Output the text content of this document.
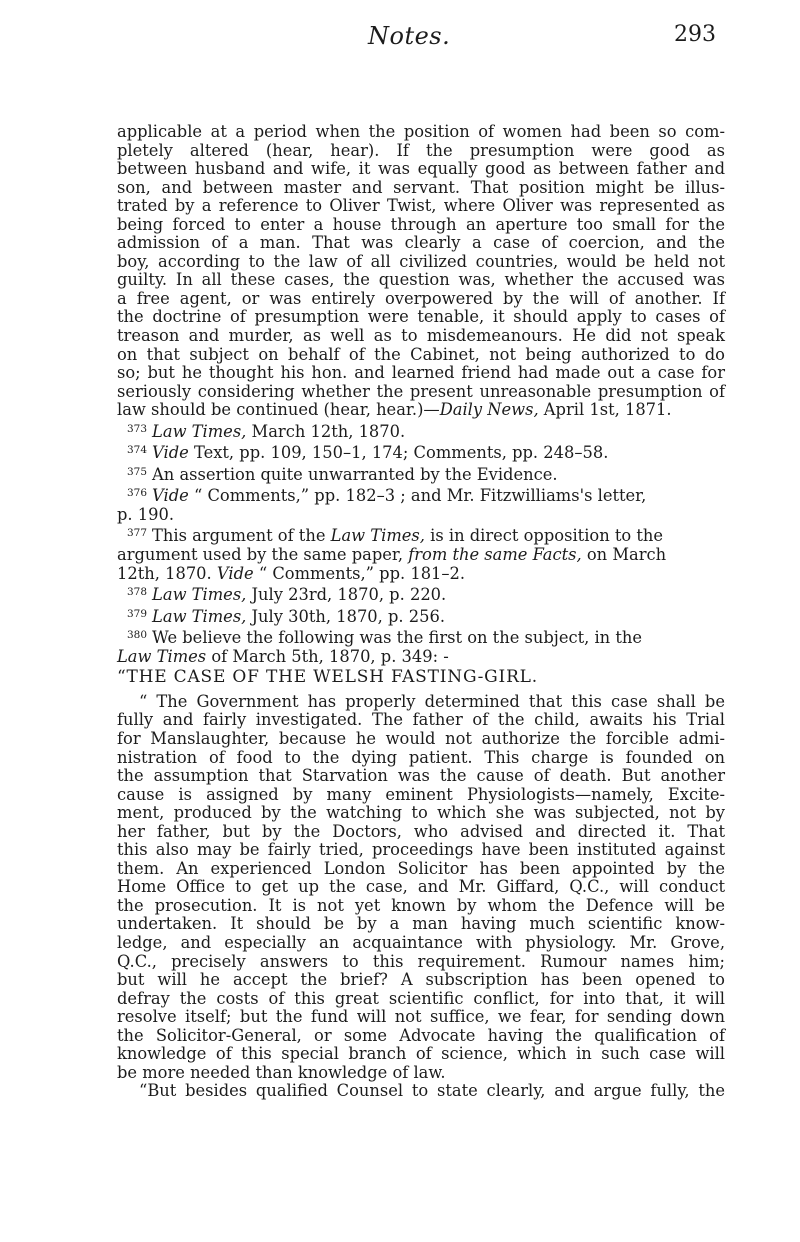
Notes.	293
applicable at a period when the position of women had been so com-
pletely altered (hear, hear). If the presumption were good as
between husband and wife, it was equally good as between father and
son, and between master and servant. That position might be illus-
trated by a reference to Oliver Twist, where Oliver was represented as
being forced to enter a house through an aperture too small for the
admission of a man. That was clearly a case of coercion, and the
boy, according to the law of all civilized countries, would be held not
guilty. In all these cases, the question was, whether the accused was
a free agent, or was entirely overpowered by the will of another. If
the doctrine of presumption were tenable, it should apply to cases of
treason and murder, as well as to misdemeanours. He did not speak
on that subject on behalf of the Cabinet, not being authorized to do
so; but he thought his hon. and learned friend had made out a case for
seriously considering whether the present unreasonable presumption of
law should be continued (hear, hear.)—Daily News, April 1st, 1871.
$^{373}$ Law Times, March 12th, 1870.
$^{374}$ Vide Text, pp. 109, 150–1, 174; Comments, pp. 248–58.
$^{375}$ An assertion quite unwarranted by the Evidence.
$^{376}$ Vide “ Comments,” pp. 182–3 ; and Mr. Fitzwilliams's letter,
p. 190.
$^{377}$ This argument of the Law Times, is in direct opposition to the
argument used by the same paper, from the same Facts, on March
12th, 1870. Vide “ Comments,” pp. 181–2.
$^{378}$ Law Times, July 23rd, 1870, p. 220.
$^{379}$ Law Times, July 30th, 1870, p. 256.
$^{380}$ We believe the following was the first on the subject, in the
Law Times of March 5th, 1870, p. 349: -
“THE CASE OF THE WELSH FASTING-GIRL.
“ The Government has properly determined that this case shall be
fully and fairly investigated. The father of the child, awaits his Trial
for Manslaughter, because he would not authorize the forcible admi-
nistration of food to the dying patient. This charge is founded on
the assumption that Starvation was the cause of death. But another
cause is assigned by many eminent Physiologists—namely, Excite-
ment, produced by the watching to which she was subjected, not by
her father, but by the Doctors, who advised and directed it. That
this also may be fairly tried, proceedings have been instituted against
them. An experienced London Solicitor has been appointed by the
Home Office to get up the case, and Mr. Giffard, Q.C., will conduct
the prosecution. It is not yet known by whom the Defence will be
undertaken. It should be by a man having much scientific know-
ledge, and especially an acquaintance with physiology. Mr. Grove,
Q.C., precisely answers to this requirement. Rumour names him;
but will he accept the brief? A subscription has been opened to
defray the costs of this great scientific conflict, for into that, it will
resolve itself; but the fund will not suffice, we fear, for sending down
the Solicitor-General, or some Advocate having the qualification of
knowledge of this special branch of science, which in such case will
be more needed than knowledge of law.
“But besides qualified Counsel to state clearly, and argue fully, the
